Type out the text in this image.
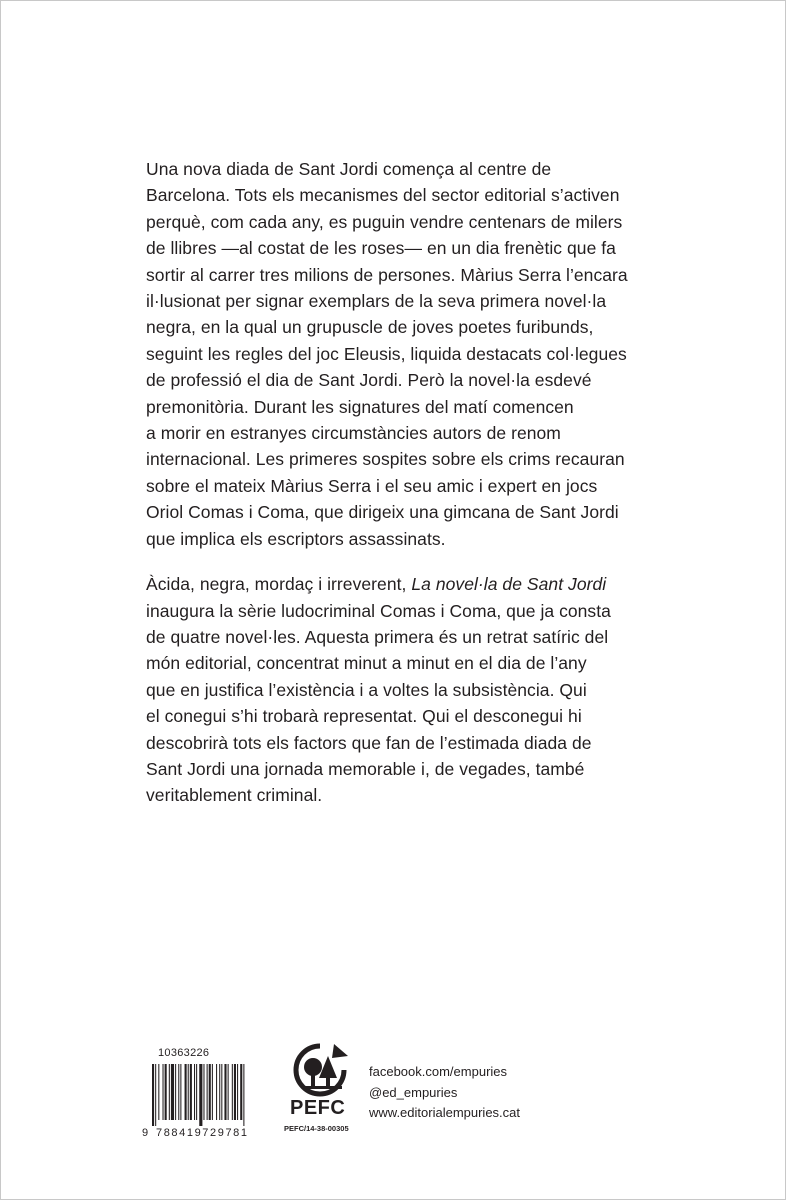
Una nova diada de Sant Jordi comença al centre de
Barcelona. Tots els mecanismes del sector editorial s’activen
perquè, com cada any, es puguin vendre centenars de milers
de llibres —al costat de les roses— en un dia frenètic que fa
sortir al carrer tres milions de persones. Màrius Serra l’encara
il·lusionat per signar exemplars de la seva primera novel·la
negra, en la qual un grupuscle de joves poetes furibunds,
seguint les regles del joc Eleusis, liquida destacats col·legues
de professió el dia de Sant Jordi. Però la novel·la esdevé
premonitòria. Durant les signatures del matí comencen
a morir en estranyes circumstàncies autors de renom
internacional. Les primeres sospites sobre els crims recauran
sobre el mateix Màrius Serra i el seu amic i expert en jocs
Oriol Comas i Coma, que dirigeix una gimcana de Sant Jordi
que implica els escriptors assassinats.

Àcida, negra, mordaç i irreverent, La novel·la de Sant Jordi
inaugura la sèrie ludocriminal Comas i Coma, que ja consta
de quatre novel·les. Aquesta primera és un retrat satíric del
món editorial, concentrat minut a minut en el dia de l’any
que en justifica l’existència i a voltes la subsistència. Qui
el conegui s’hi trobarà representat. Qui el desconegui hi
descobrirà tots els factors que fan de l’estimada diada de
Sant Jordi una jornada memorable i, de vegades, també
veritablement criminal.

10363226
9 788419729781
PEFC
PEFC/14-38-00305
facebook.com/empuries
@ed_empuries
www.editorialempuries.cat
